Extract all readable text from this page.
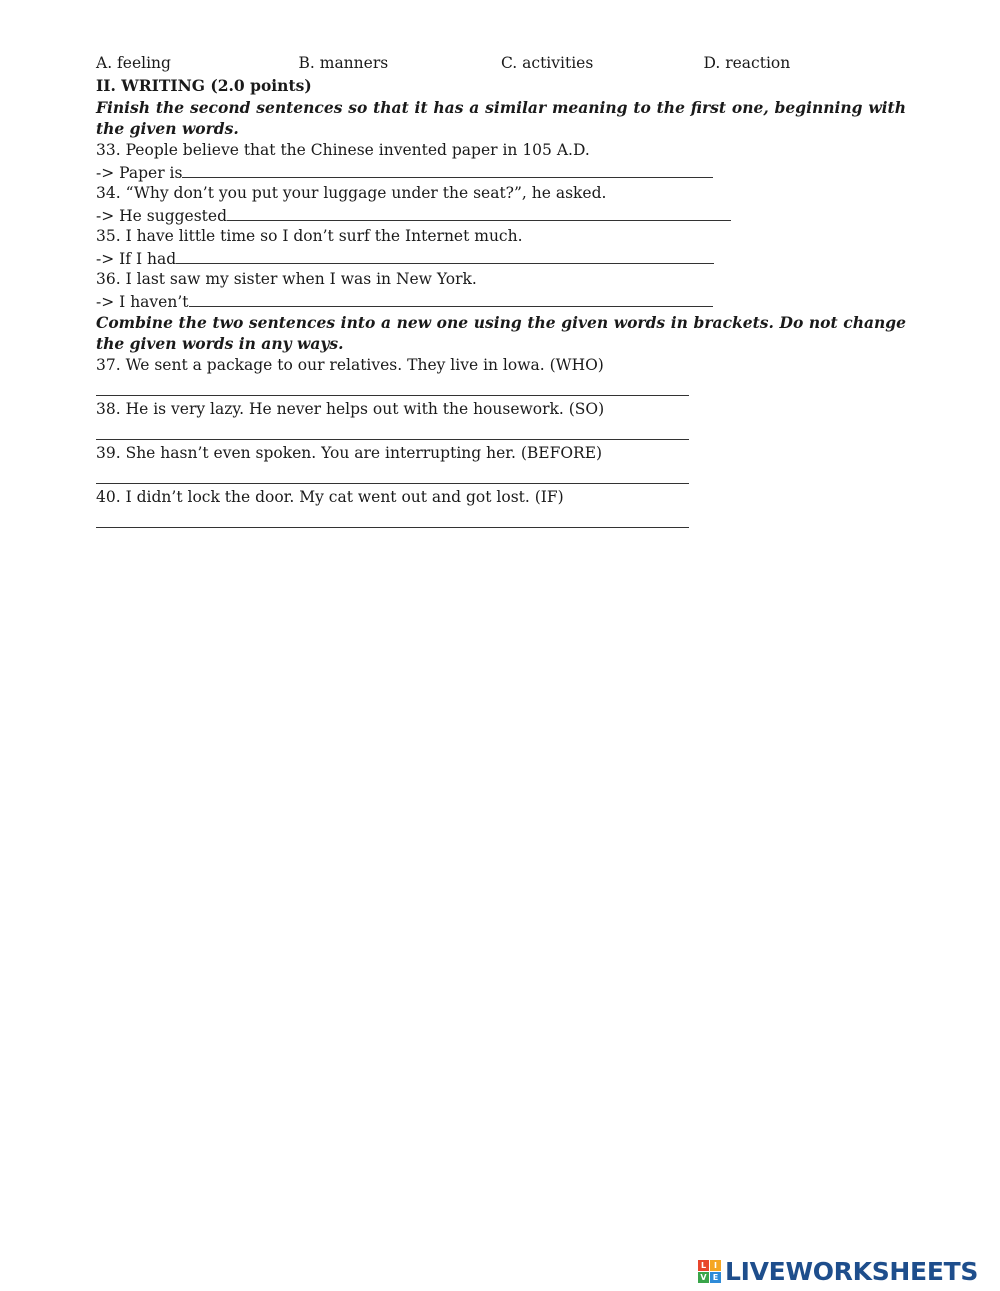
A. feeling	B. manners	C. activities	D. reaction
II. WRITING (2.0 points)
Finish the second sentences so that it has a similar meaning to the first one, beginning with the given words.
33. People believe that the Chinese invented paper in 105 A.D.
-> Paper is
34. “Why don’t you put your luggage under the seat?”, he asked.
-> He suggested
35. I have little time so I don’t surf the Internet much.
-> If I had
36. I last saw my sister when I was in New York.
-> I haven’t
Combine the two sentences into a new one using the given words in brackets. Do not change the given words in any ways.
37. We sent a package to our relatives. They live in lowa. (WHO)
38. He is very lazy. He never helps out with the housework. (SO)
39. She hasn’t even spoken. You are interrupting her. (BEFORE)
40. I didn’t lock the door. My cat went out and got lost. (IF)
L I
V E LIVEWORKSHEETS
